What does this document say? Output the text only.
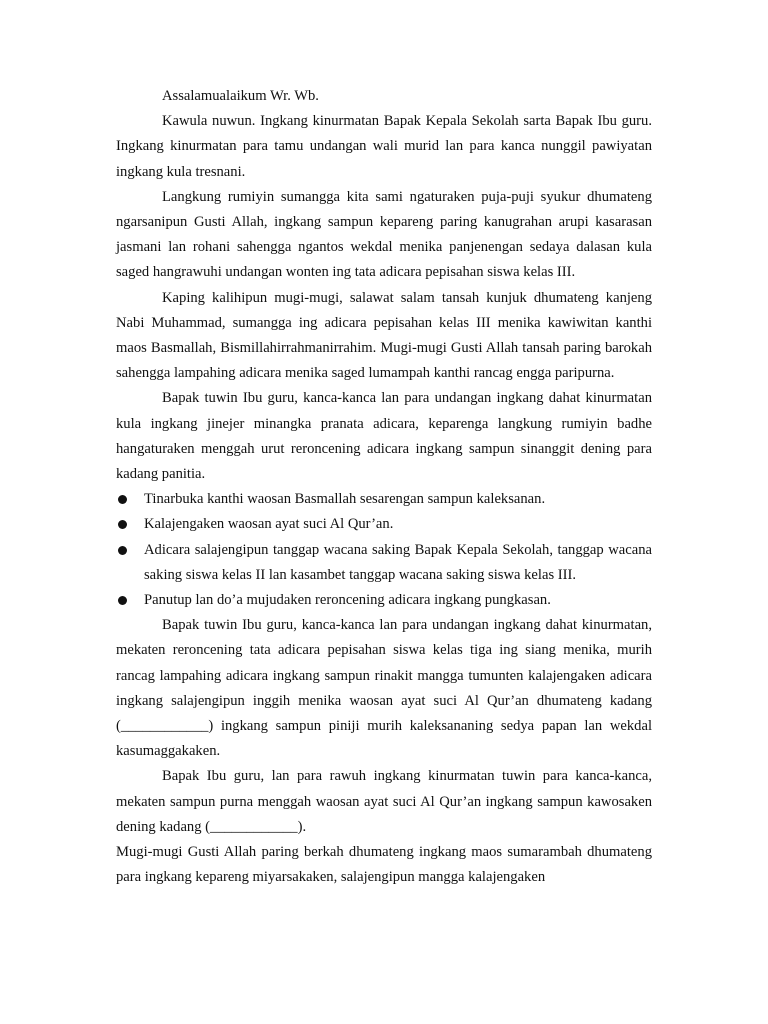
Assalamualaikum Wr. Wb.

Kawula nuwun. Ingkang kinurmatan Bapak Kepala Sekolah sarta Bapak Ibu guru. Ingkang kinurmatan para tamu undangan wali murid lan para kanca nunggil pawiyatan ingkang kula tresnani.

Langkung rumiyin sumangga kita sami ngaturaken puja-puji syukur dhumateng ngarsanipun Gusti Allah, ingkang sampun kepareng paring kanugrahan arupi kasarasan jasmani lan rohani sahengga ngantos wekdal menika panjenengan sedaya dalasan kula saged hangrawuhi undangan wonten ing tata adicara pepisahan siswa kelas III.

Kaping kalihipun mugi-mugi, salawat salam tansah kunjuk dhumateng kanjeng Nabi Muhammad, sumangga ing adicara pepisahan kelas III menika kawiwitan kanthi maos Basmallah, Bismillahirrahmanirrahim. Mugi-mugi Gusti Allah tansah paring barokah sahengga lampahing adicara menika saged lumampah kanthi rancag engga paripurna.

Bapak tuwin Ibu guru, kanca-kanca lan para undangan ingkang dahat kinurmatan kula ingkang jinejer minangka pranata adicara, keparenga langkung rumiyin badhe hangaturaken menggah urut reroncening adicara ingkang sampun sinanggit dening para kadang panitia.

Tinarbuka kanthi waosan Basmallah sesarengan sampun kaleksanan.
Kalajengaken waosan ayat suci Al Qur’an.
Adicara salajengipun tanggap wacana saking Bapak Kepala Sekolah, tanggap wacana saking siswa kelas II lan kasambet tanggap wacana saking siswa kelas III.
Panutup lan do’a mujudaken reroncening adicara ingkang pungkasan.

Bapak tuwin Ibu guru, kanca-kanca lan para undangan ingkang dahat kinurmatan, mekaten reroncening tata adicara pepisahan siswa kelas tiga ing siang menika, murih rancag lampahing adicara ingkang sampun rinakit mangga tumunten kalajengaken adicara ingkang salajengipun inggih menika waosan ayat suci Al Qur’an dhumateng kadang (____________) ingkang sampun piniji murih kaleksananing sedya papan lan wekdal kasumaggakaken.

Bapak Ibu guru, lan para rawuh ingkang kinurmatan tuwin para kanca-kanca, mekaten sampun purna menggah waosan ayat suci Al Qur’an ingkang sampun kawosaken dening kadang (____________).

Mugi-mugi Gusti Allah paring berkah dhumateng ingkang maos sumarambah dhumateng para ingkang kepareng miyarsakaken, salajengipun mangga kalajengaken
